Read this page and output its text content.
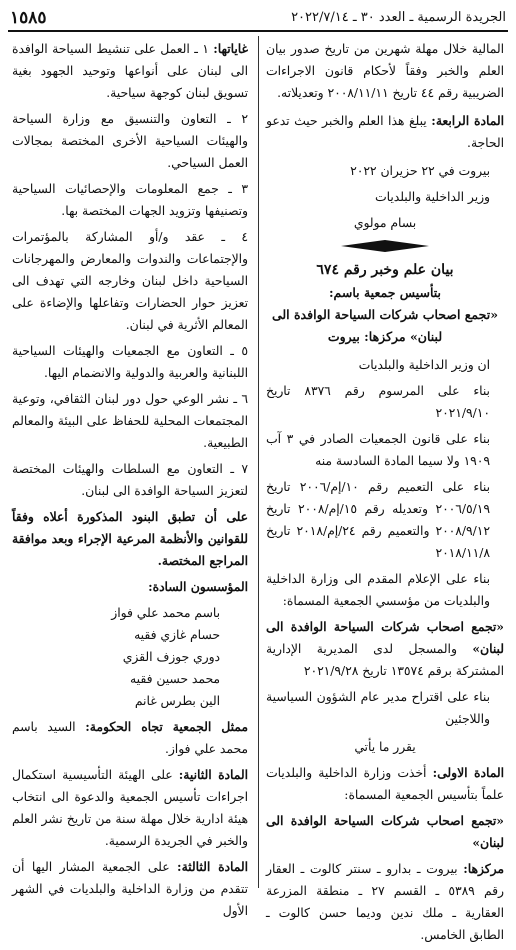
١٥٨٥	الجريدة الرسمية ـ العدد ٣٠ ـ ٢٠٢٢/٧/١٤

المالية خلال مهلة شهرين من تاريخ صدور بيان العلم والخبر وفقاً لأحكام قانون الاجراءات الضريبية رقم ٤٤ تاريخ ٢٠٠٨/١١/١١ وتعديلاته.

المادة الرابعة: يبلغ هذا العلم والخبر حيث تدعو الحاجة.

بيروت في ٢٢ حزيران ٢٠٢٢

وزير الداخلية والبلديات

بسام مولوي

بيان علم وخبر رقم ٦٧٤
بتأسيس جمعية باسم:
«تجمع اصحاب شركات السياحة الوافدة الى لبنان» مركزها: بيروت

ان وزير الداخلية والبلديات

بناء على المرسوم رقم ٨٣٧٦ تاريخ ٢٠٢١/٩/١٠

بناء على قانون الجمعيات الصادر في ٣ آب ١٩٠٩ ولا سيما المادة السادسة منه

بناء على التعميم رقم ١٠/إم/٢٠٠٦ تاريخ ٢٠٠٦/٥/١٩ وتعديله رقم ١٥/إم/٢٠٠٨ تاريخ ٢٠٠٨/٩/١٢ والتعميم رقم ٢٤/إم/٢٠١٨ تاريخ ٢٠١٨/١١/٨

بناء على الإعلام المقدم الى وزارة الداخلية والبلديات من مؤسسي الجمعية المسماة:

«تجمع اصحاب شركات السياحة الوافدة الى لبنان» والمسجل لدى المديرية الإدارية المشتركة برقم ١٣٥٧٤ تاريخ ٢٠٢١/٩/٢٨

بناء على اقتراح مدير عام الشؤون السياسية واللاجئين

يقرر ما يأتي

المادة الاولى: أخذت وزارة الداخلية والبلديات علماً بتأسيس الجمعية المسماة:

«تجمع اصحاب شركات السياحة الوافدة الى لبنان»

مركزها: بيروت ـ بدارو ـ سنتر كالوت ـ العقار رقم ٥٣٨٩ ـ القسم ٢٧ ـ منطقة المزرعة العقارية ـ ملك ندين وديما حسن كالوت ـ الطابق الخامس.

غاياتها: ١ ـ العمل على تنشيط السياحة الوافدة الى لبنان على أنواعها وتوحيد الجهود بغية تسويق لبنان كوجهة سياحية.

٢ ـ التعاون والتنسيق مع وزارة السياحة والهيئات السياحية الأخرى المختصة بمجالات العمل السياحي.

٣ ـ جمع المعلومات والإحصائيات السياحية وتصنيفها وتزويد الجهات المختصة بها.

٤ ـ عقد و/أو المشاركة بالمؤتمرات والإجتماعات والندوات والمعارض والمهرجانات السياحية داخل لبنان وخارجه التي تهدف الى تعزيز حوار الحضارات وتفاعلها والإضاءة على المعالم الأثرية في لبنان.

٥ ـ التعاون مع الجمعيات والهيئات السياحية اللبنانية والعربية والدولية والانضمام اليها.

٦ ـ نشر الوعي حول دور لبنان الثقافي، وتوعية المجتمعات المحلية للحفاظ على البيئة والمعالم الطبيعية.

٧ ـ التعاون مع السلطات والهيئات المختصة لتعزيز السياحة الوافدة الى لبنان.

على أن تطبق البنود المذكورة أعلاه وفقاً للقوانين والأنظمة المرعية الإجراء وبعد موافقة المراجع المختصة.

المؤسسون السادة:

باسم محمد علي فواز
حسام غازي فقيه
دوري جوزف القزي
محمد حسين فقيه
الين بطرس غانم

ممثل الجمعية تجاه الحكومة: السيد باسم محمد علي فواز.

المادة الثانية: على الهيئة التأسيسية استكمال اجراءات تأسيس الجمعية والدعوة الى انتخاب هيئة ادارية خلال مهلة سنة من تاريخ نشر العلم والخبر في الجريدة الرسمية.

المادة الثالثة: على الجمعية المشار اليها أن تتقدم من وزارة الداخلية والبلديات في الشهر الأول
